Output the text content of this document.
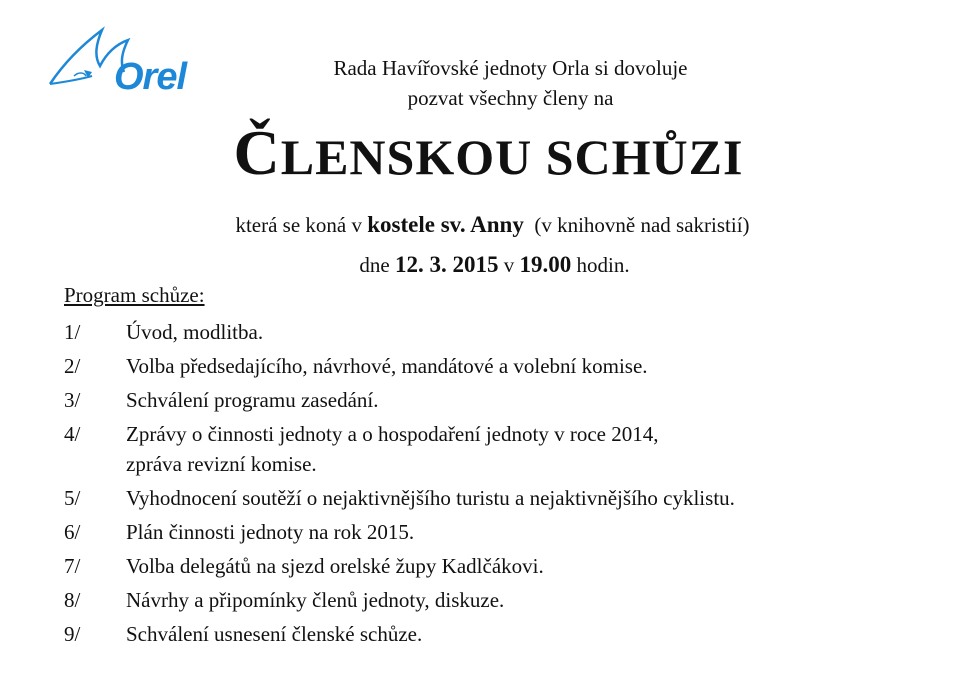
Orel	Rada Havířovské jednoty Orla si dovoluje
pozvat všechny členy na
ČLENSKOU SCHŮZI
která se koná v kostele sv. Anny  (v knihovně nad sakristií)
dne 12. 3. 2015 v 19.00 hodin.
Program schůze:
1/ Úvod, modlitba.
2/ Volba předsedajícího, návrhové, mandátové a volební komise.
3/ Schválení programu zasedání.
4/ Zprávy o činnosti jednoty a o hospodaření jednoty v roce 2014,
zpráva revizní komise.
5/ Vyhodnocení soutěží o nejaktivnějšího turistu a nejaktivnějšího cyklistu.
6/ Plán činnosti jednoty na rok 2015.
7/ Volba delegátů na sjezd orelské župy Kadlčákovi.
8/ Návrhy a připomínky členů jednoty, diskuze.
9/ Schválení usnesení členské schůze.
